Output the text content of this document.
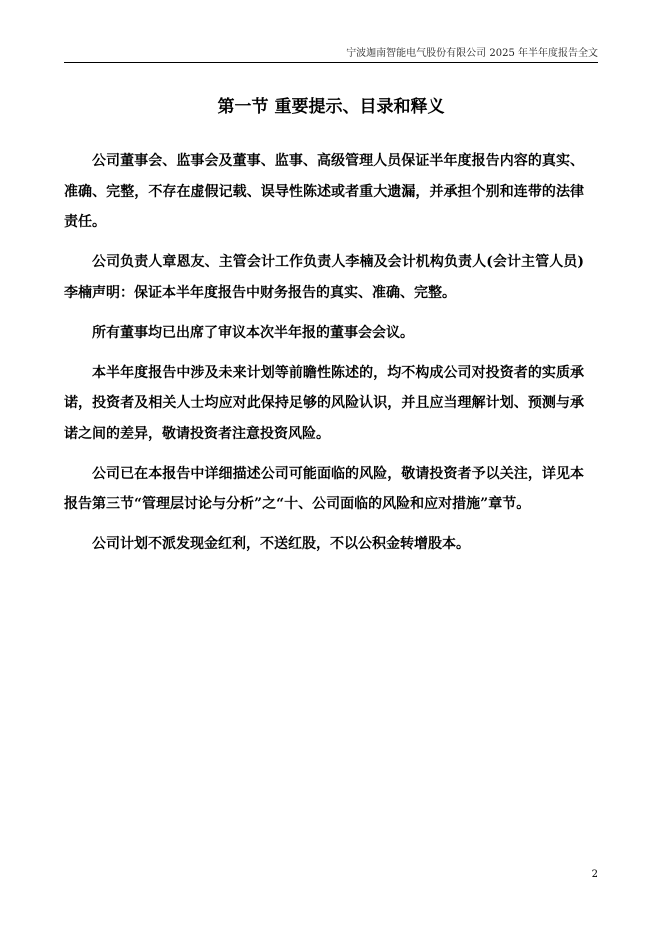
宁波迦南智能电气股份有限公司 2025 年半年度报告全文
第一节 重要提示、目录和释义

公司董事会、监事会及董事、监事、高级管理人员保证半年度报告内容的真实、准确、完整，不存在虚假记载、误导性陈述或者重大遗漏，并承担个别和连带的法律责任。

公司负责人章恩友、主管会计工作负责人李楠及会计机构负责人(会计主管人员)李楠声明：保证本半年度报告中财务报告的真实、准确、完整。

所有董事均已出席了审议本次半年报的董事会会议。

本半年度报告中涉及未来计划等前瞻性陈述的，均不构成公司对投资者的实质承诺，投资者及相关人士均应对此保持足够的风险认识，并且应当理解计划、预测与承诺之间的差异，敬请投资者注意投资风险。

公司已在本报告中详细描述公司可能面临的风险，敬请投资者予以关注，详见本报告第三节“管理层讨论与分析”之“十、公司面临的风险和应对措施”章节。

公司计划不派发现金红利，不送红股，不以公积金转增股本。

2
